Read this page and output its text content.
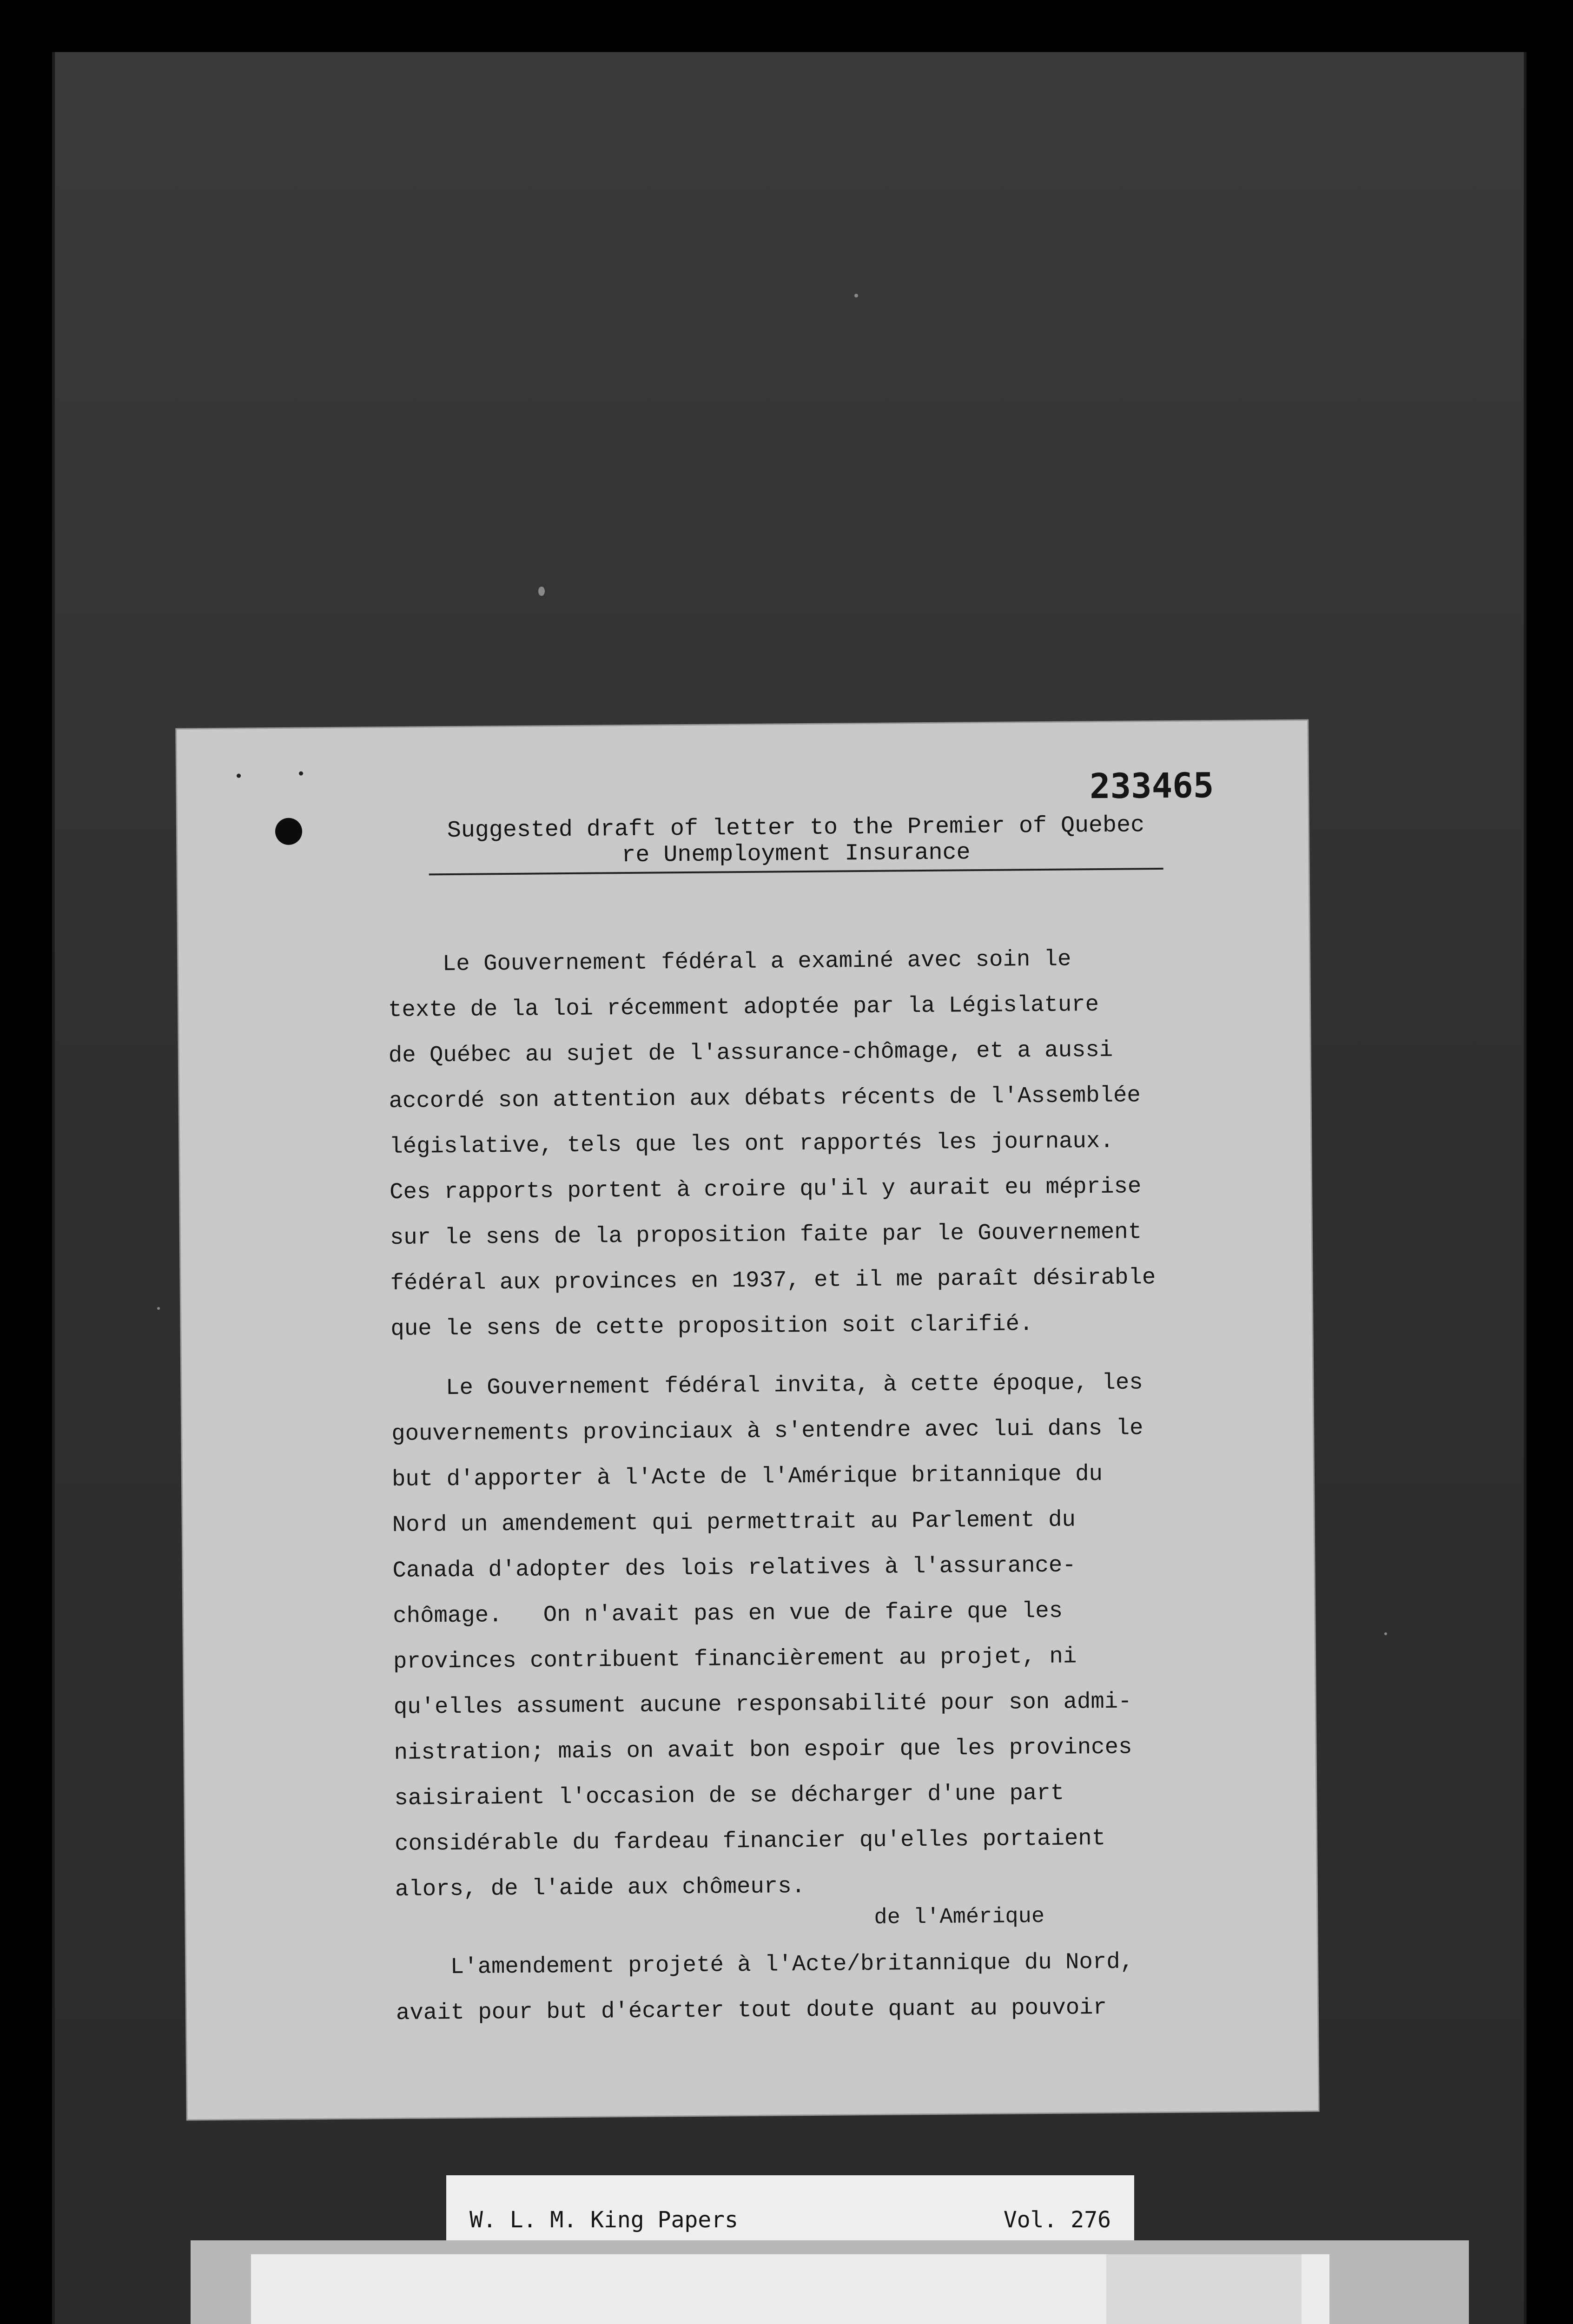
233465
Suggested draft of letter to the Premier of Quebec
re Unemployment Insurance
Le Gouvernement fédéral a examiné avec soin le
texte de la loi récemment adoptée par la Législature
de Québec au sujet de l'assurance-chômage, et a aussi
accordé son attention aux débats récents de l'Assemblée
législative, tels que les ont rapportés les journaux.
Ces rapports portent à croire qu'il y aurait eu méprise
sur le sens de la proposition faite par le Gouvernement
fédéral aux provinces en 1937, et il me paraît désirable
que le sens de cette proposition soit clarifié.
Le Gouvernement fédéral invita, à cette époque, les
gouvernements provinciaux à s'entendre avec lui dans le
but d'apporter à l'Acte de l'Amérique britannique du
Nord un amendement qui permettrait au Parlement du
Canada d'adopter des lois relatives à l'assurance-
chômage.   On n'avait pas en vue de faire que les
provinces contribuent financièrement au projet, ni
qu'elles assument aucune responsabilité pour son admi-
nistration; mais on avait bon espoir que les provinces
saisiraient l'occasion de se décharger d'une part
considérable du fardeau financier qu'elles portaient
alors, de l'aide aux chômeurs.
L'amendement projeté à l'Acte/britannique du Nord,
avait pour but d'écarter tout doute quant au pouvoir
de l'Amérique
W. L. M. King Papers	Vol. 276
